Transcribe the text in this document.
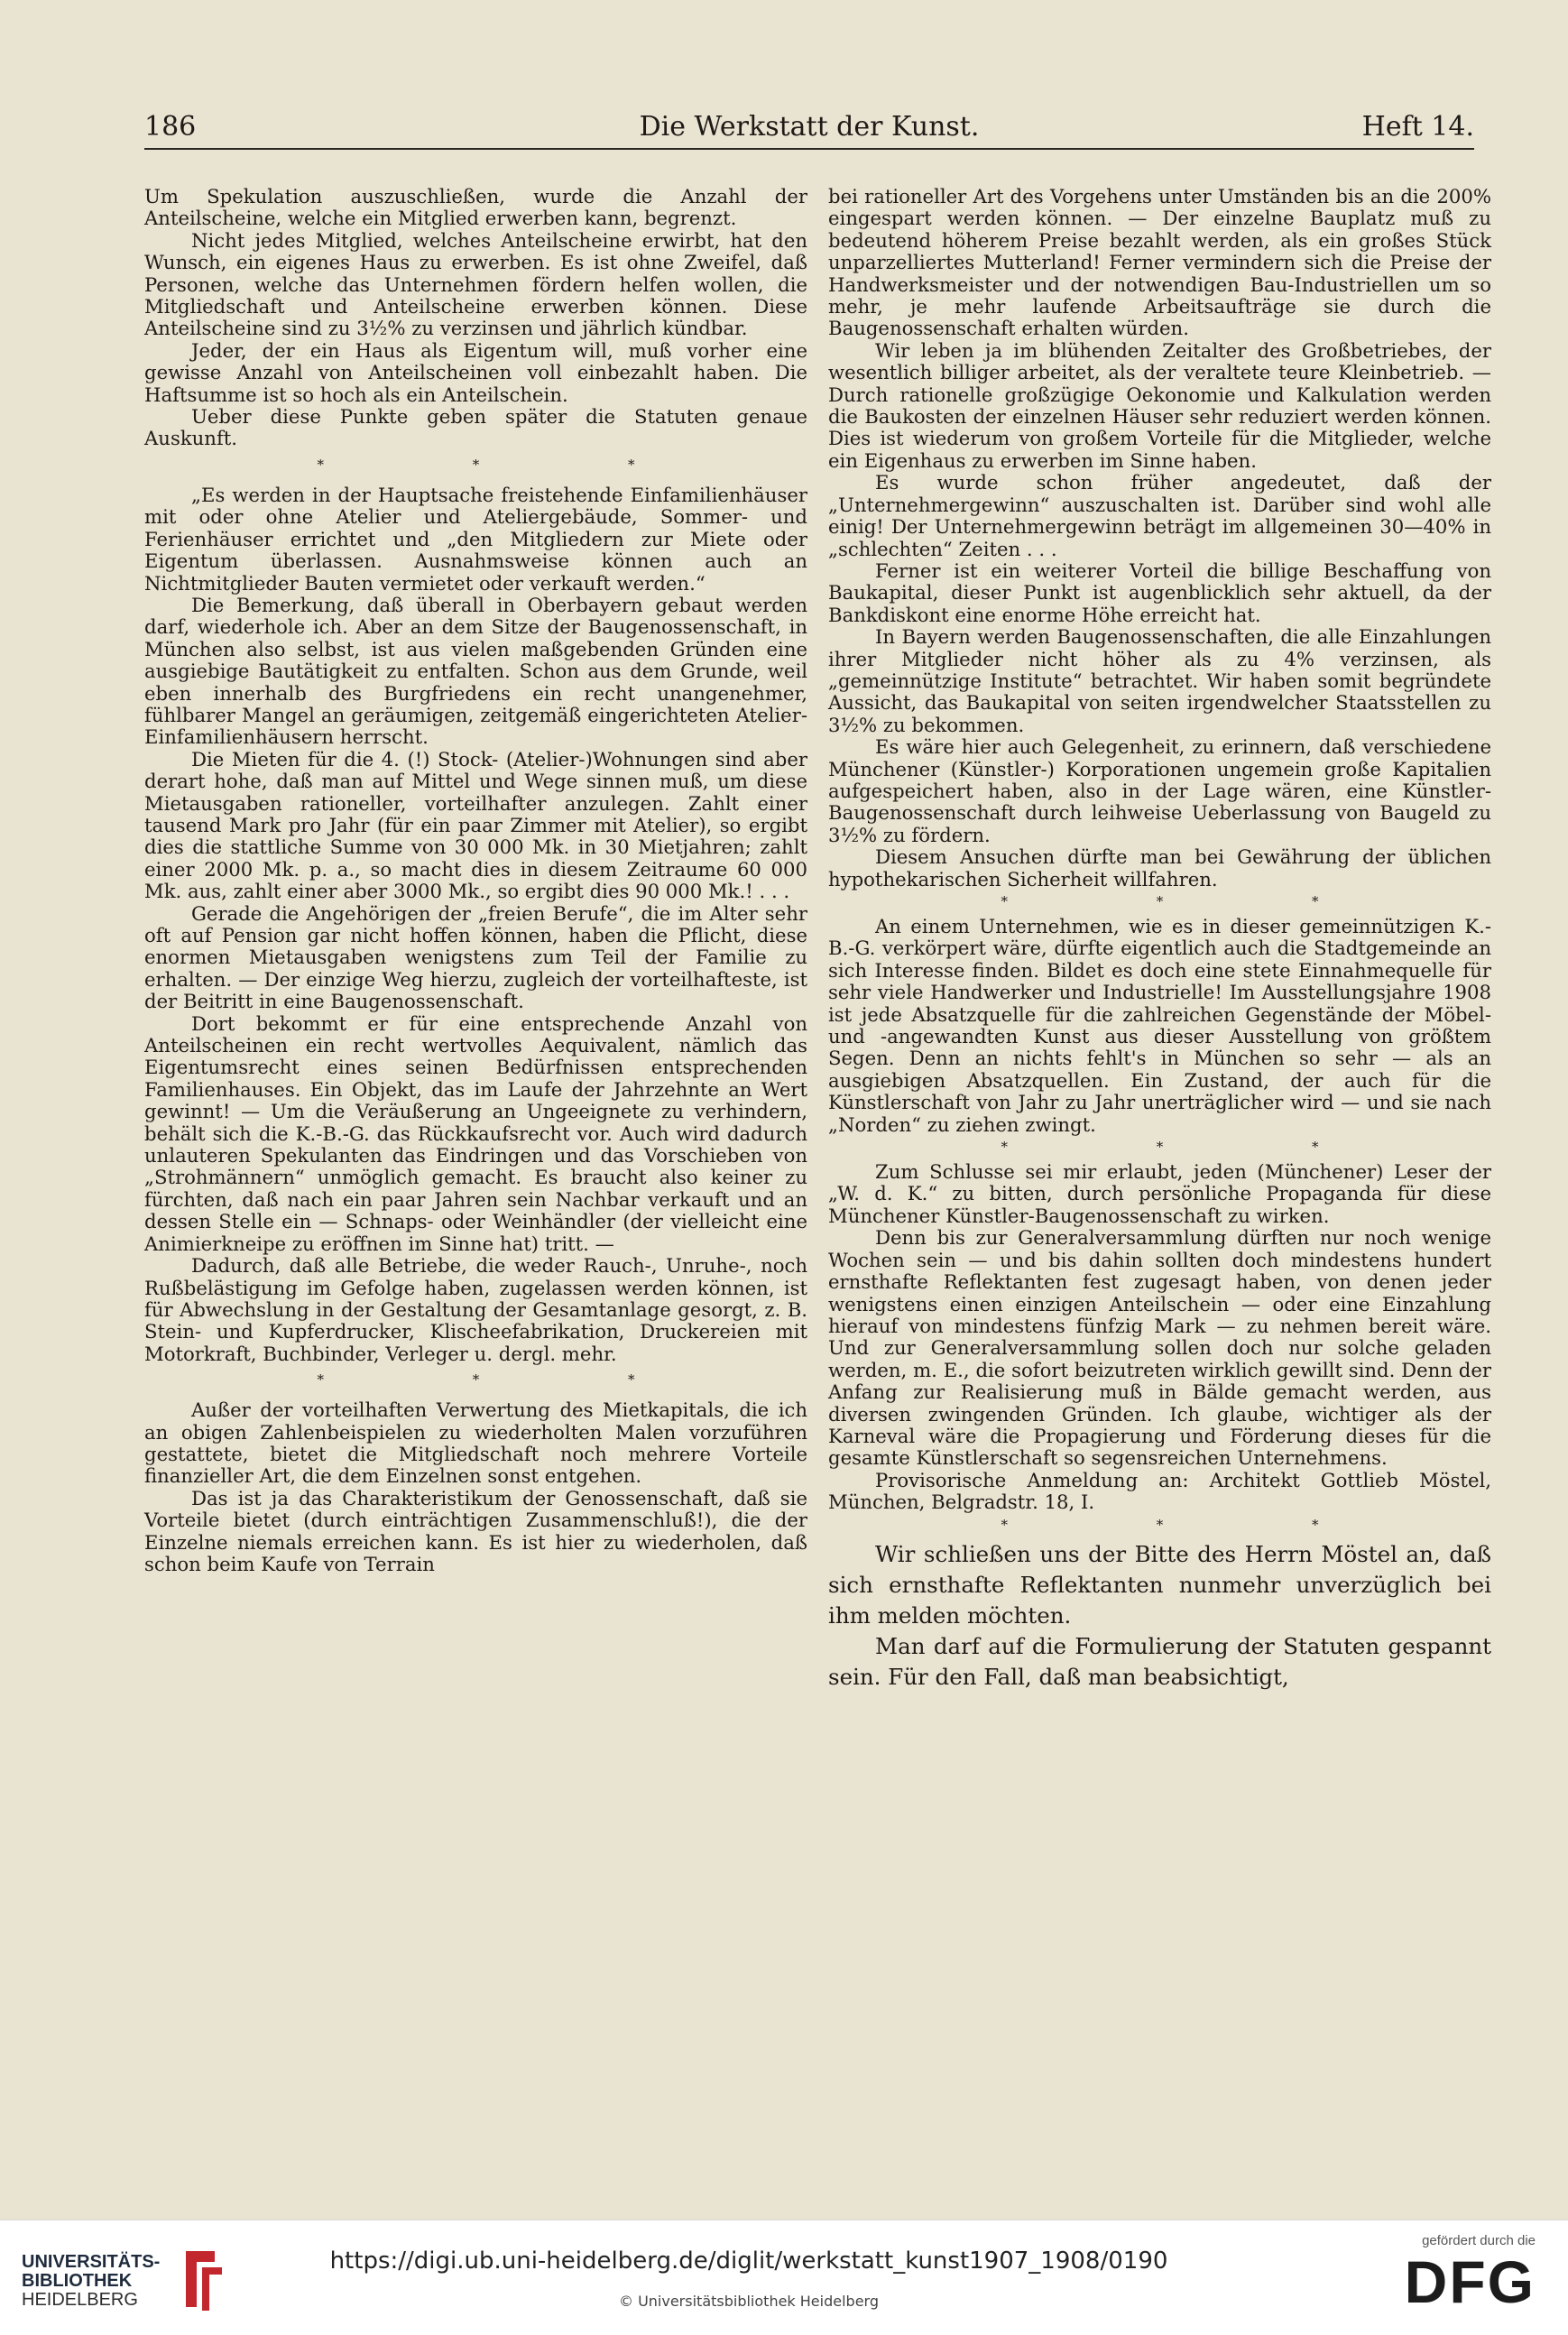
186	Die Werkstatt der Kunst.	Heft 14.

Um Spekulation auszuschließen, wurde die Anzahl der Anteilscheine, welche ein Mitglied erwerben kann, begrenzt.

Nicht jedes Mitglied, welches Anteilscheine erwirbt, hat den Wunsch, ein eigenes Haus zu erwerben. Es ist ohne Zweifel, daß Personen, welche das Unternehmen fördern helfen wollen, die Mitgliedschaft und Anteilscheine erwerben können. Diese Anteilscheine sind zu 3½% zu verzinsen und jährlich kündbar.

Jeder, der ein Haus als Eigentum will, muß vorher eine gewisse Anzahl von Anteilscheinen voll einbezahlt haben. Die Haftsumme ist so hoch als ein Anteilschein.

Ueber diese Punkte geben später die Statuten genaue Auskunft.

* * *

„Es werden in der Hauptsache freistehende Einfamilienhäuser mit oder ohne Atelier und Ateliergebäude, Sommer- und Ferienhäuser errichtet und „den Mitgliedern zur Miete oder Eigentum überlassen. Ausnahmsweise können auch an Nichtmitglieder Bauten vermietet oder verkauft werden.“

Die Bemerkung, daß überall in Oberbayern gebaut werden darf, wiederhole ich. Aber an dem Sitze der Baugenossenschaft, in München also selbst, ist aus vielen maßgebenden Gründen eine ausgiebige Bautätigkeit zu entfalten. Schon aus dem Grunde, weil eben innerhalb des Burgfriedens ein recht unangenehmer, fühlbarer Mangel an geräumigen, zeitgemäß eingerichteten Atelier-Einfamilienhäusern herrscht.

Die Mieten für die 4. (!) Stock- (Atelier-)Wohnungen sind aber derart hohe, daß man auf Mittel und Wege sinnen muß, um diese Mietausgaben rationeller, vorteilhafter anzulegen. Zahlt einer tausend Mark pro Jahr (für ein paar Zimmer mit Atelier), so ergibt dies die stattliche Summe von 30 000 Mk. in 30 Mietjahren; zahlt einer 2000 Mk. p. a., so macht dies in diesem Zeitraume 60 000 Mk. aus, zahlt einer aber 3000 Mk., so ergibt dies 90 000 Mk.! . . .

Gerade die Angehörigen der „freien Berufe“, die im Alter sehr oft auf Pension gar nicht hoffen können, haben die Pflicht, diese enormen Mietausgaben wenigstens zum Teil der Familie zu erhalten. — Der einzige Weg hierzu, zugleich der vorteilhafteste, ist der Beitritt in eine Baugenossenschaft.

Dort bekommt er für eine entsprechende Anzahl von Anteilscheinen ein recht wertvolles Aequivalent, nämlich das Eigentumsrecht eines seinen Bedürfnissen entsprechenden Familienhauses. Ein Objekt, das im Laufe der Jahrzehnte an Wert gewinnt! — Um die Veräußerung an Ungeeignete zu verhindern, behält sich die K.-B.-G. das Rückkaufsrecht vor. Auch wird dadurch unlauteren Spekulanten das Eindringen und das Vorschieben von „Strohmännern“ unmöglich gemacht. Es braucht also keiner zu fürchten, daß nach ein paar Jahren sein Nachbar verkauft und an dessen Stelle ein — Schnaps- oder Weinhändler (der vielleicht eine Animierkneipe zu eröffnen im Sinne hat) tritt. —

Dadurch, daß alle Betriebe, die weder Rauch-, Unruhe-, noch Rußbelästigung im Gefolge haben, zugelassen werden können, ist für Abwechslung in der Gestaltung der Gesamtanlage gesorgt, z. B. Stein- und Kupferdrucker, Klischeefabrikation, Druckereien mit Motorkraft, Buchbinder, Verleger u. dergl. mehr.

* * *

Außer der vorteilhaften Verwertung des Mietkapitals, die ich an obigen Zahlenbeispielen zu wiederholten Malen vorzuführen gestattete, bietet die Mitgliedschaft noch mehrere Vorteile finanzieller Art, die dem Einzelnen sonst entgehen.

Das ist ja das Charakteristikum der Genossenschaft, daß sie Vorteile bietet (durch einträchtigen Zusammenschluß!), die der Einzelne niemals erreichen kann. Es ist hier zu wiederholen, daß schon beim Kaufe von Terrain

bei rationeller Art des Vorgehens unter Umständen bis an die 200% eingespart werden können. — Der einzelne Bauplatz muß zu bedeutend höherem Preise bezahlt werden, als ein großes Stück unparzelliertes Mutterland! Ferner vermindern sich die Preise der Handwerksmeister und der notwendigen Bau-Industriellen um so mehr, je mehr laufende Arbeitsaufträge sie durch die Baugenossenschaft erhalten würden.

Wir leben ja im blühenden Zeitalter des Großbetriebes, der wesentlich billiger arbeitet, als der veraltete teure Kleinbetrieb. — Durch rationelle großzügige Oekonomie und Kalkulation werden die Baukosten der einzelnen Häuser sehr reduziert werden können. Dies ist wiederum von großem Vorteile für die Mitglieder, welche ein Eigenhaus zu erwerben im Sinne haben.

Es wurde schon früher angedeutet, daß der „Unternehmergewinn“ auszuschalten ist. Darüber sind wohl alle einig! Der Unternehmergewinn beträgt im allgemeinen 30—40% in „schlechten“ Zeiten . . .

Ferner ist ein weiterer Vorteil die billige Beschaffung von Baukapital, dieser Punkt ist augenblicklich sehr aktuell, da der Bankdiskont eine enorme Höhe erreicht hat.

In Bayern werden Baugenossenschaften, die alle Einzahlungen ihrer Mitglieder nicht höher als zu 4% verzinsen, als „gemeinnützige Institute“ betrachtet. Wir haben somit begründete Aussicht, das Baukapital von seiten irgendwelcher Staatsstellen zu 3½% zu bekommen.

Es wäre hier auch Gelegenheit, zu erinnern, daß verschiedene Münchener (Künstler-) Korporationen ungemein große Kapitalien aufgespeichert haben, also in der Lage wären, eine Künstler-Baugenossenschaft durch leihweise Ueberlassung von Baugeld zu 3½% zu fördern.

Diesem Ansuchen dürfte man bei Gewährung der üblichen hypothekarischen Sicherheit willfahren.

* * *

An einem Unternehmen, wie es in dieser gemeinnützigen K.-B.-G. verkörpert wäre, dürfte eigentlich auch die Stadtgemeinde an sich Interesse finden. Bildet es doch eine stete Einnahmequelle für sehr viele Handwerker und Industrielle! Im Ausstellungsjahre 1908 ist jede Absatzquelle für die zahlreichen Gegenstände der Möbel- und -angewandten Kunst aus dieser Ausstellung von größtem Segen. Denn an nichts fehlt's in München so sehr — als an ausgiebigen Absatzquellen. Ein Zustand, der auch für die Künstlerschaft von Jahr zu Jahr unerträglicher wird — und sie nach „Norden“ zu ziehen zwingt.

* * *

Zum Schlusse sei mir erlaubt, jeden (Münchener) Leser der „W. d. K.“ zu bitten, durch persönliche Propaganda für diese Münchener Künstler-Baugenossenschaft zu wirken.

Denn bis zur Generalversammlung dürften nur noch wenige Wochen sein — und bis dahin sollten doch mindestens hundert ernsthafte Reflektanten fest zugesagt haben, von denen jeder wenigstens einen einzigen Anteilschein — oder eine Einzahlung hierauf von mindestens fünfzig Mark — zu nehmen bereit wäre. Und zur Generalversammlung sollen doch nur solche geladen werden, m. E., die sofort beizutreten wirklich gewillt sind. Denn der Anfang zur Realisierung muß in Bälde gemacht werden, aus diversen zwingenden Gründen. Ich glaube, wichtiger als der Karneval wäre die Propagierung und Förderung dieses für die gesamte Künstlerschaft so segensreichen Unternehmens.

Provisorische Anmeldung an: Architekt Gottlieb Möstel, München, Belgradstr. 18, I.

* * *

Wir schließen uns der Bitte des Herrn Möstel an, daß sich ernsthafte Reflektanten nunmehr unverzüglich bei ihm melden möchten.

Man darf auf die Formulierung der Statuten gespannt sein. Für den Fall, daß man beabsichtigt,

UNIVERSITÄTS-
BIBLIOTHEK
HEIDELBERG
https://digi.ub.uni-heidelberg.de/diglit/werkstatt_kunst1907_1908/0190
© Universitätsbibliothek Heidelberg
gefördert durch die
DFG
